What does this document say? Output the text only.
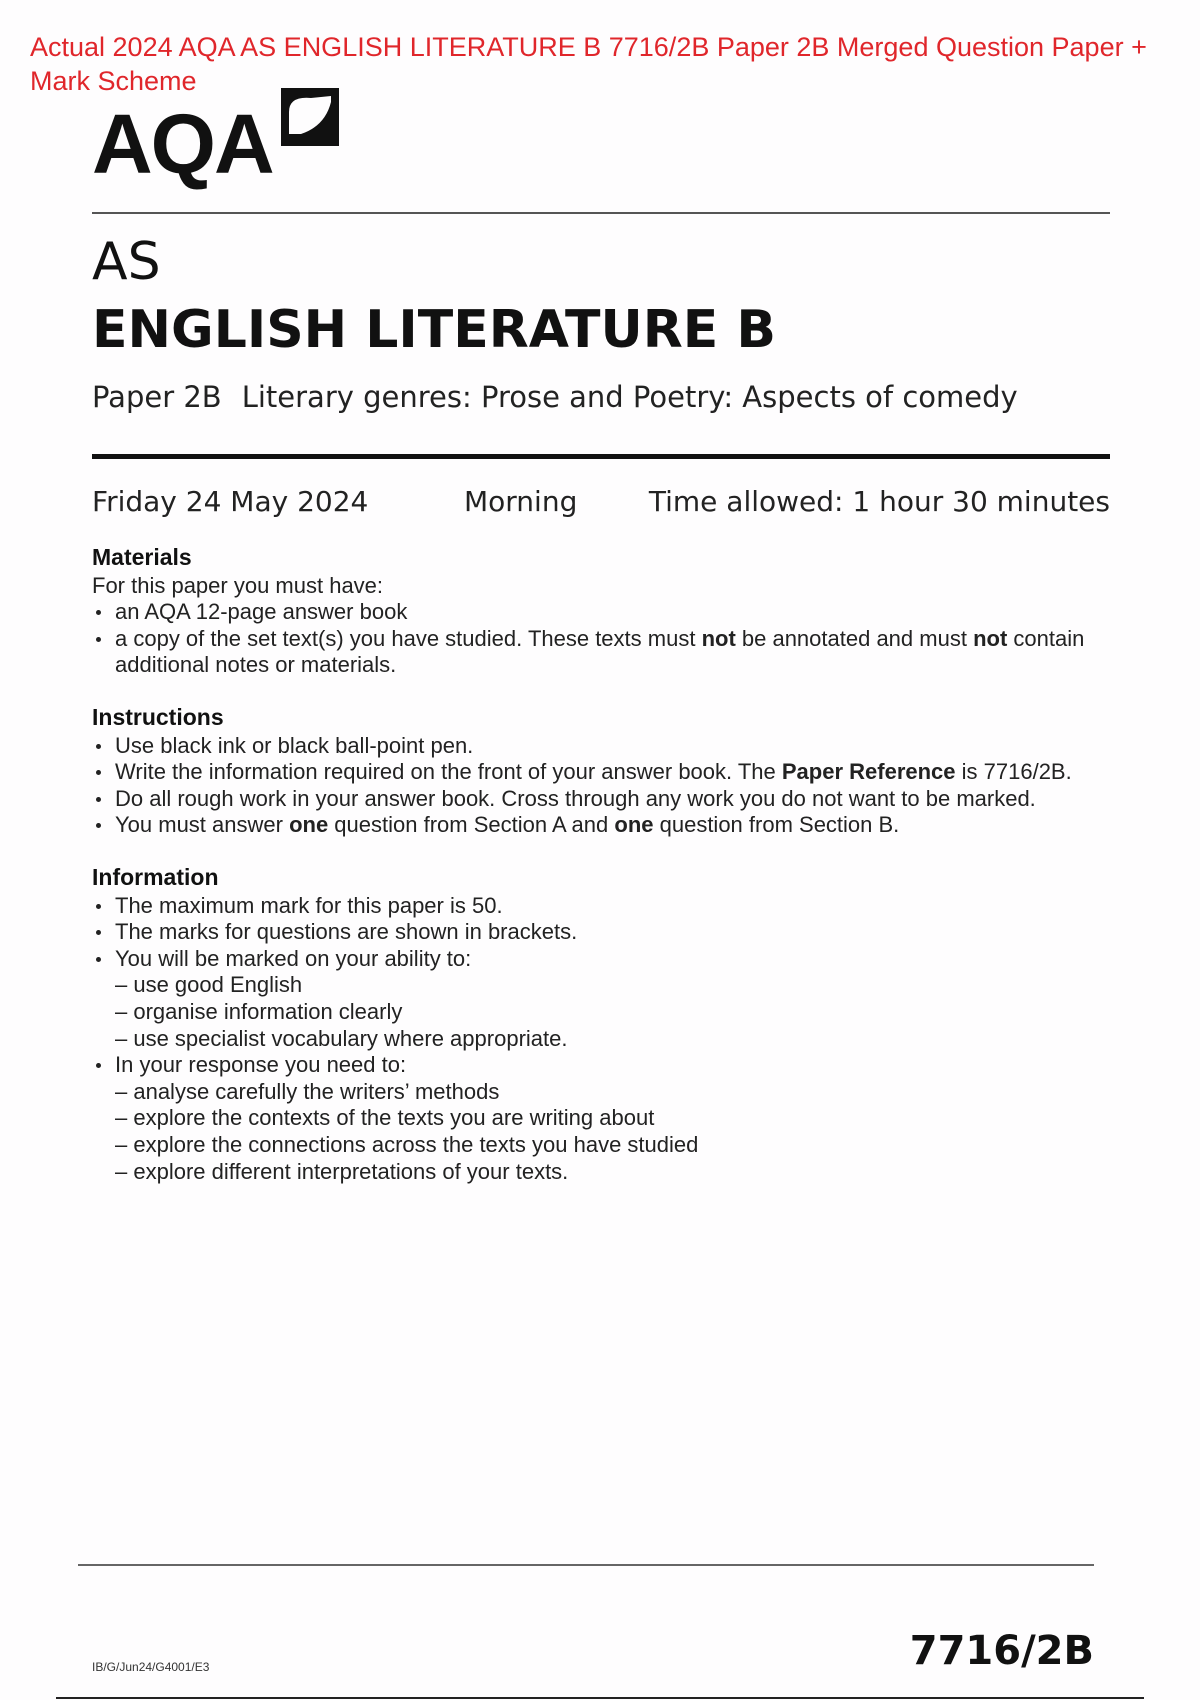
Actual 2024 AQA AS ENGLISH LITERATURE B 7716/2B Paper 2B Merged Question Paper + Mark Scheme
AQA
AS
ENGLISH LITERATURE B
Paper 2B Literary genres: Prose and Poetry: Aspects of comedy
Friday 24 May 2024	Morning	Time allowed: 1 hour 30 minutes
Materials

For this paper you must have:

an AQA 12-page answer book
a copy of the set text(s) you have studied. These texts must not be annotated and must not contain additional notes or materials.
Instructions
Use black ink or black ball-point pen.
Write the information required on the front of your answer book. The Paper Reference is 7716/2B.
Do all rough work in your answer book. Cross through any work you do not want to be marked.
You must answer one question from Section A and one question from Section B.
Information
The maximum mark for this paper is 50.
The marks for questions are shown in brackets.
You will be marked on your ability to:
– use good English
– organise information clearly
– use specialist vocabulary where appropriate.
In your response you need to:
– analyse carefully the writers’ methods
– explore the contexts of the texts you are writing about
– explore the connections across the texts you have studied
– explore different interpretations of your texts.
IB/G/Jun24/G4001/E3	7716/2B
